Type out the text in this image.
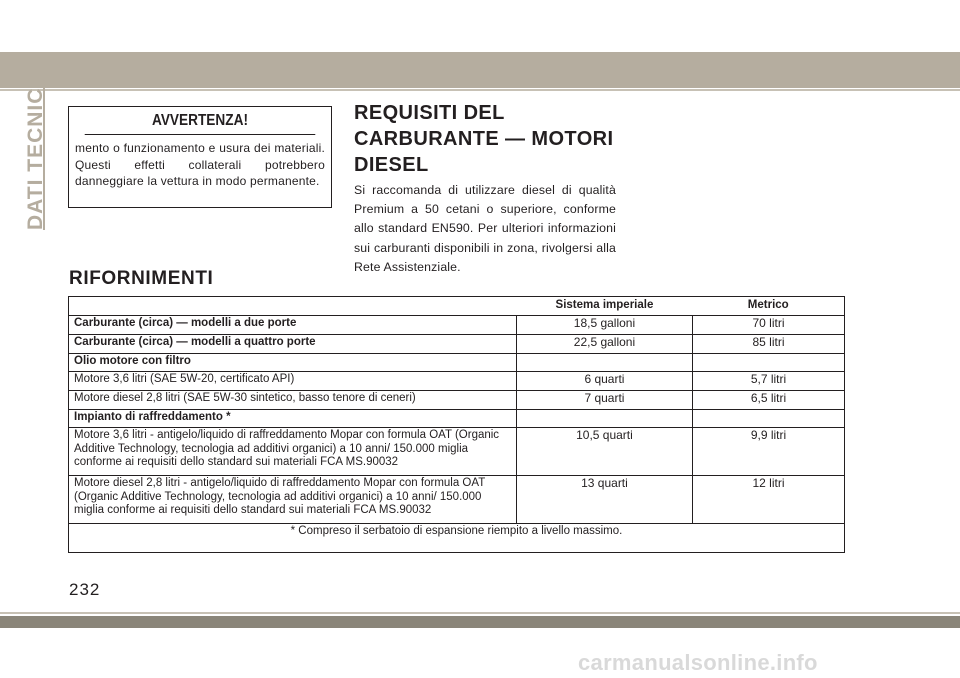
DATI TECNICI	AVVERTENZA!
mento o funzionamento e usura dei materiali. Questi effetti collaterali potrebbero danneggiare la vettura in modo permanente.
REQUISITI DEL CARBURANTE — MOTORI DIESEL
Si raccomanda di utilizzare diesel di qualità Premium a 50 cetani o superiore, conforme allo standard EN590. Per ulteriori informazioni sui carburanti disponibili in zona, rivolgersi alla Rete Assistenziale.
RIFORNIMENTI
	Sistema imperiale	Metrico
Carburante (circa) — modelli a due porte	18,5 galloni	70 litri
Carburante (circa) — modelli a quattro porte	22,5 galloni	85 litri
Olio motore con filtro		
Motore 3,6 litri (SAE 5W-20, certificato API)	6 quarti	5,7 litri
Motore diesel 2,8 litri (SAE 5W-30 sintetico, basso tenore di ceneri)	7 quarti	6,5 litri
Impianto di raffreddamento *		
Motore 3,6 litri - antigelo/liquido di raffreddamento Mopar con formula OAT (Organic Additive Technology, tecnologia ad additivi organici) a 10 anni/ 150.000 miglia conforme ai requisiti dello standard sui materiali FCA MS.90032	10,5 quarti	9,9 litri
Motore diesel 2,8 litri - antigelo/liquido di raffreddamento Mopar con formula OAT (Organic Additive Technology, tecnologia ad additivi organici) a 10 anni/ 150.000 miglia conforme ai requisiti dello standard sui materiali FCA MS.90032	13 quarti	12 litri
* Compreso il serbatoio di espansione riempito a livello massimo.		
232
carmanualsonline.info
